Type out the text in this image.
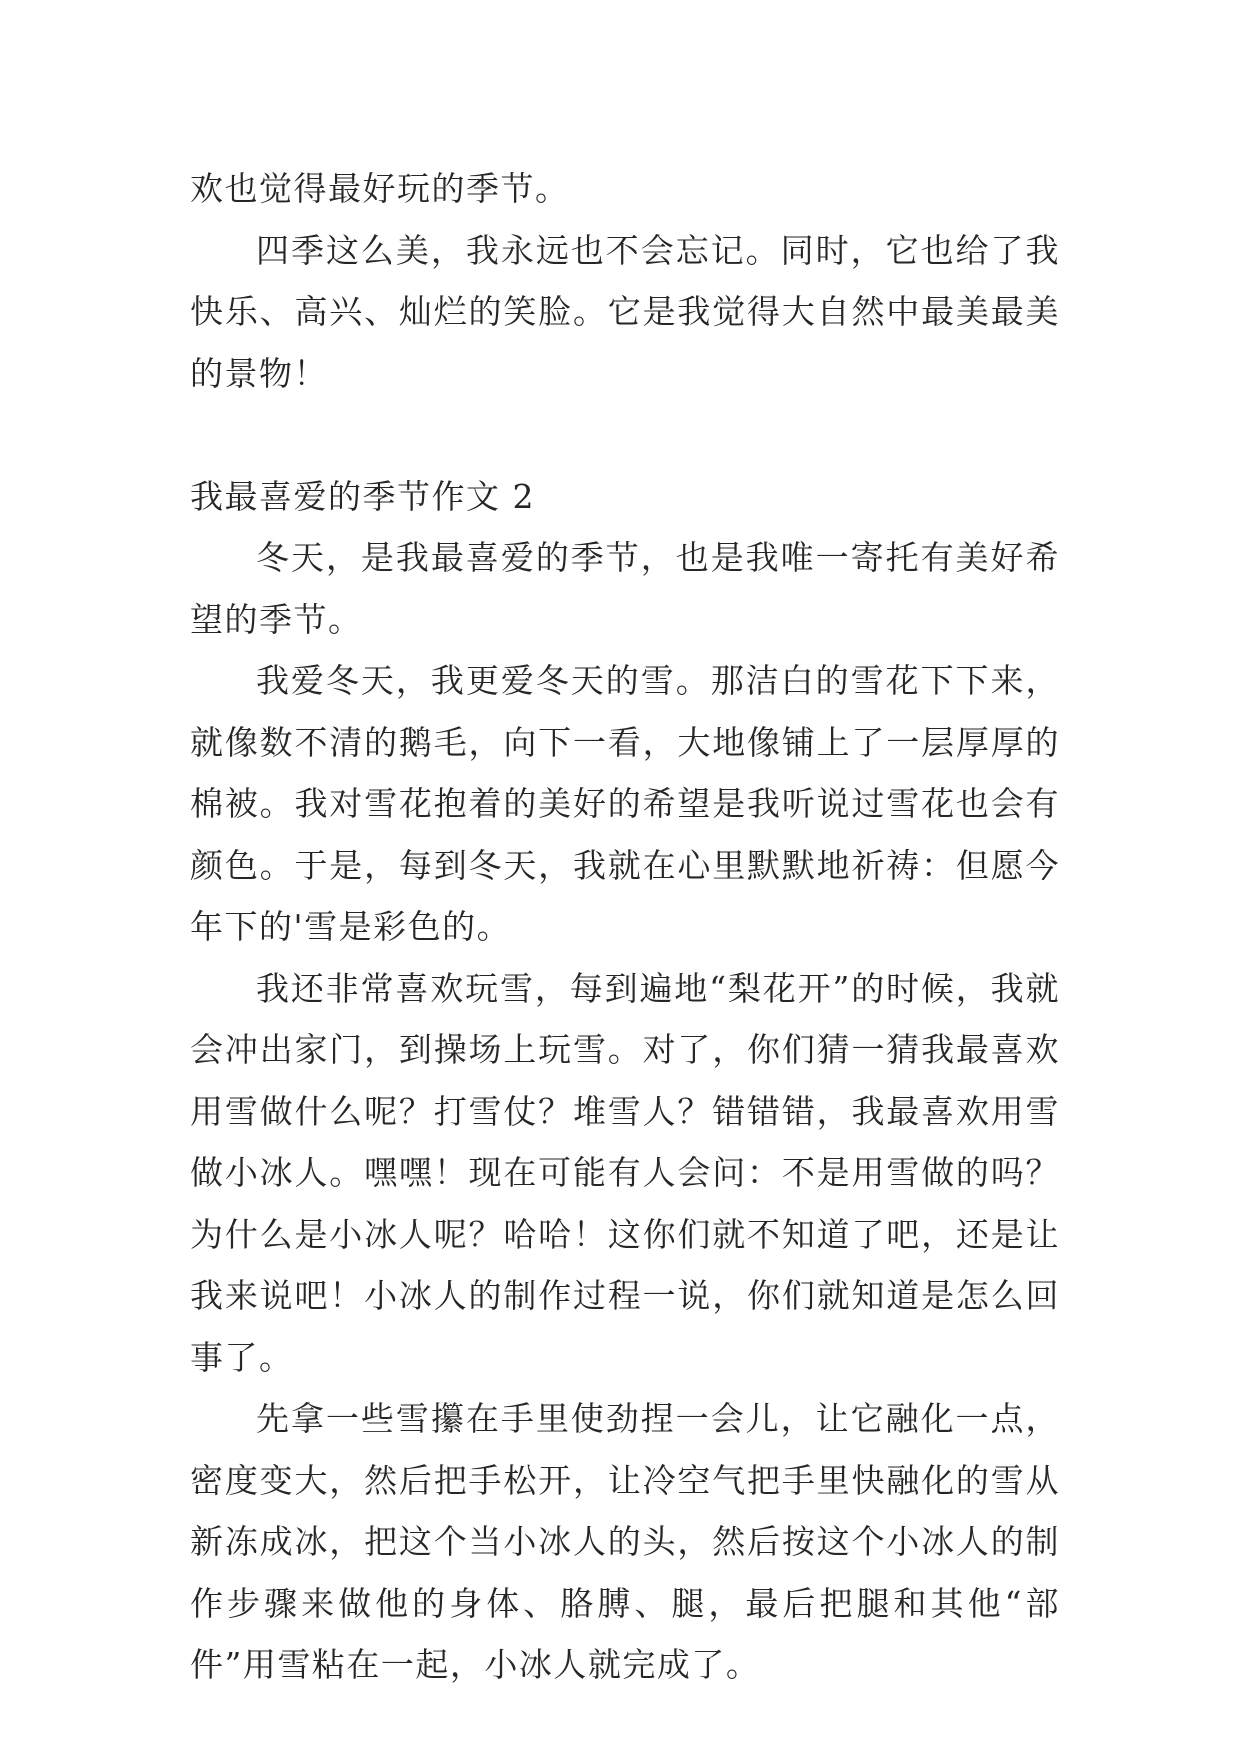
欢也觉得最好玩的季节。

四季这么美，我永远也不会忘记。同时，它也给了我快乐、高兴、灿烂的笑脸。它是我觉得大自然中最美最美的景物！

我最喜爱的季节作文 2

冬天，是我最喜爱的季节，也是我唯一寄托有美好希望的季节。

我爱冬天，我更爱冬天的雪。那洁白的雪花下下来，就像数不清的鹅毛，向下一看，大地像铺上了一层厚厚的棉被。我对雪花抱着的美好的希望是我听说过雪花也会有颜色。于是，每到冬天，我就在心里默默地祈祷：但愿今年下的'雪是彩色的。

我还非常喜欢玩雪，每到遍地“梨花开”的时候，我就会冲出家门，到操场上玩雪。对了，你们猜一猜我最喜欢用雪做什么呢？打雪仗？堆雪人？错错错，我最喜欢用雪做小冰人。嘿嘿！现在可能有人会问：不是用雪做的吗？为什么是小冰人呢？哈哈！这你们就不知道了吧，还是让我来说吧！小冰人的制作过程一说，你们就知道是怎么回事了。

先拿一些雪攥在手里使劲捏一会儿，让它融化一点，密度变大，然后把手松开，让冷空气把手里快融化的雪从新冻成冰，把这个当小冰人的头，然后按这个小冰人的制作步骤来做他的身体、胳膊、腿，最后把腿和其他“部件”用雪粘在一起，小冰人就完成了。
